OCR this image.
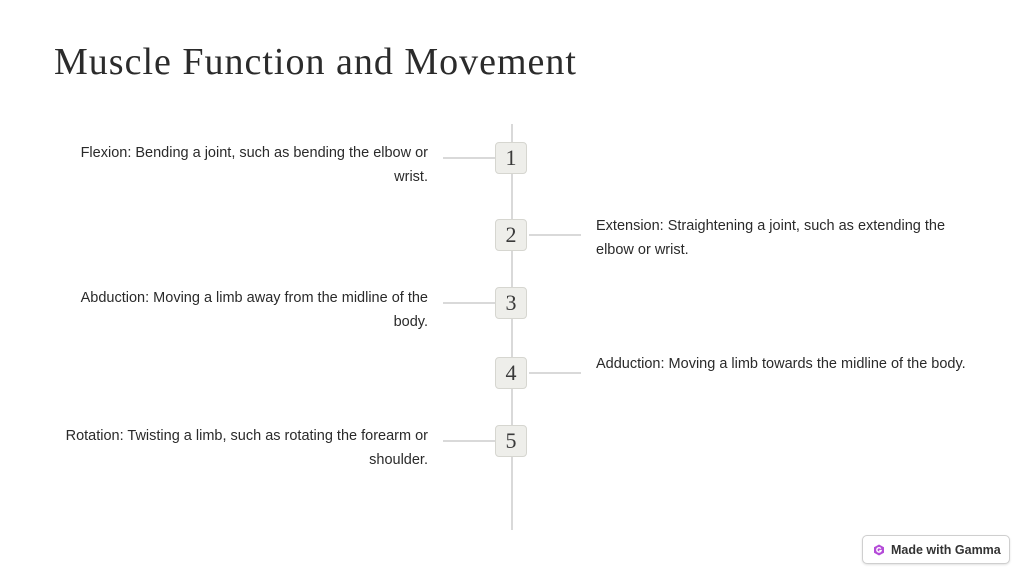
Muscle Function and Movement
1

Flexion: Bending a joint, such as bending the elbow or wrist.

2	Extension: Straightening a joint, such as extending the elbow or wrist.

3

Abduction: Moving a limb away from the midline of the body.

4	Adduction: Moving a limb towards the midline of the body.

5

Rotation: Twisting a limb, such as rotating the forearm or shoulder.

Made with Gamma
